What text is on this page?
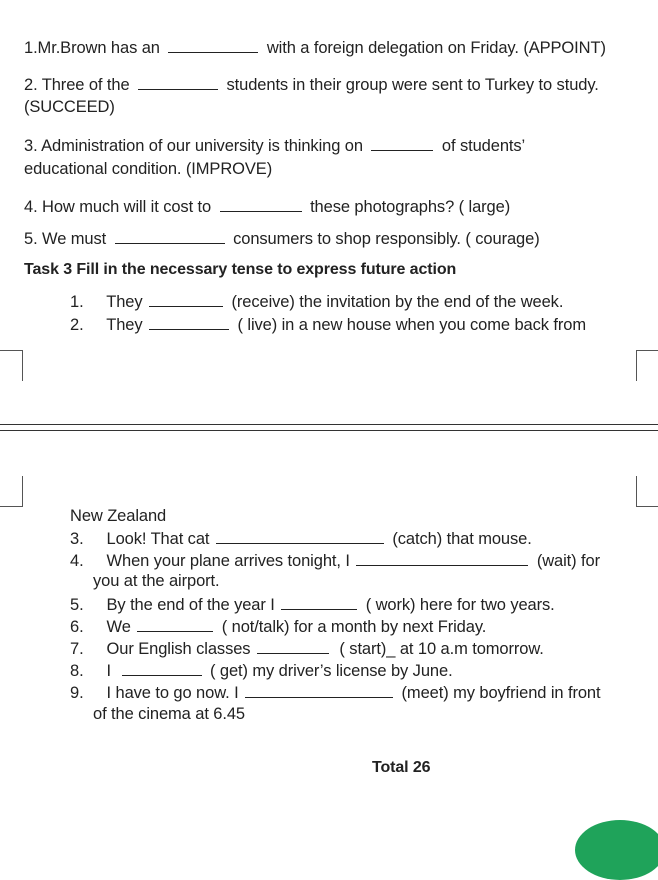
1.Mr.Brown has an	with a foreign delegation on Friday. (APPOINT)
2. Three of the	students in their group were sent to Turkey to study.
(SUCCEED)
3. Administration of our university is thinking on	of students’
educational condition. (IMPROVE)
4. How much will it cost to	these photographs? ( large)
5. We must	consumers to shop responsibly. ( courage)
Task 3 Fill in the necessary tense to express future action
1. They	(receive) the invitation by the end of the week.
2. They	( live) in a new house when you come back from
New Zealand
3. Look! That cat	(catch) that mouse.
4. When your plane arrives tonight, I	(wait) for
you at the airport.
5. By the end of the year I	( work) here for two years.
6. We	( not/talk) for a month by next Friday.
7. Our English classes	( start)_ at 10 a.m tomorrow.
8. I	( get) my driver’s license by June.
9.  I have to go now. I	(meet) my boyfriend in front
of the cinema at 6.45
Total 26
